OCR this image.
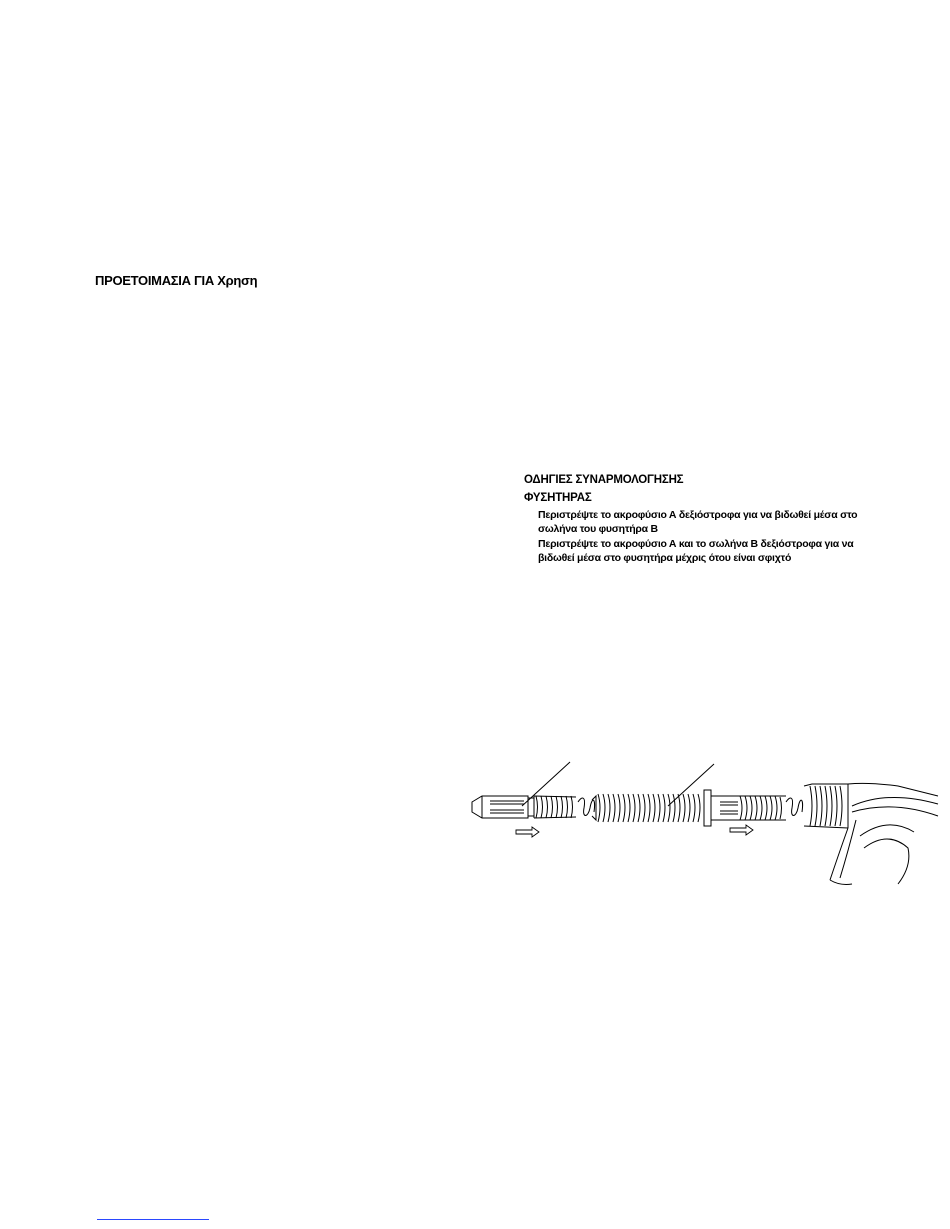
ΠΡΟΕΤΟΙΜΑΣΙΑ ΓΙΑ Χρηση
ΟΔΗΓΙΕΣ ΣΥΝΑΡΜΟΛΟΓΗΣΗΣ
ΦΥΣΗΤΗΡΑΣ
Περιστρέψτε το ακροφύσιο Α δεξιόστροφα για να βιδωθεί μέσα στο
σωλήνα του φυσητήρα Β
Περιστρέψτε το ακροφύσιο Α και το σωλήνα Β δεξιόστροφα για να
βιδωθεί μέσα στο φυσητήρα μέχρις ότου είναι σφιχτό
